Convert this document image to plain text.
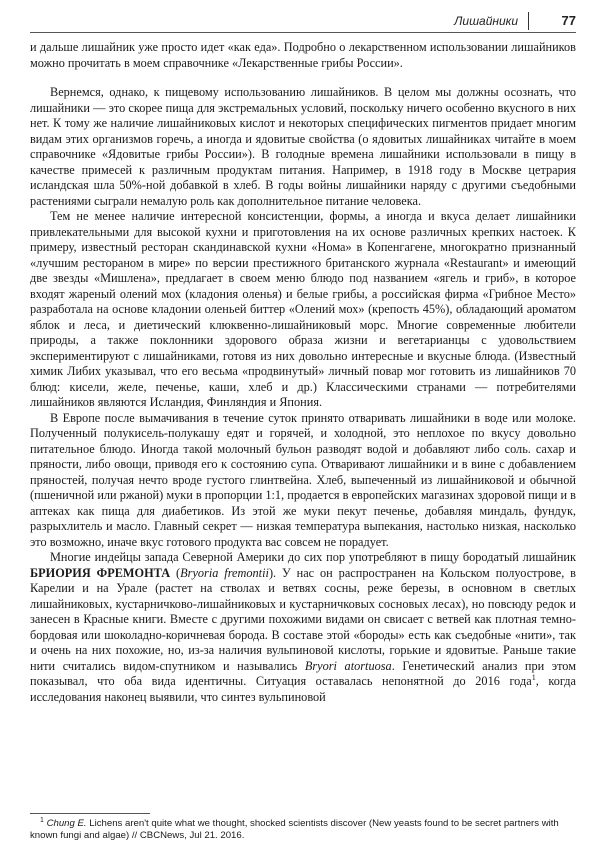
Лишайники	77

и дальше лишайник уже просто идет «как еда». Подробно о лекарственном использовании лишайников можно прочитать в моем справочнике «Лекарственные грибы России».

Вернемся, однако, к пищевому использованию лишайников. В целом мы должны осознать, что лишайники — это скорее пища для экстремальных условий, поскольку ничего особенно вкусного в них нет. К тому же наличие лишайниковых кислот и некоторых специфических пигментов придает многим видам этих организмов горечь, а иногда и ядовитые свойства (о ядовитых лишайниках читайте в моем справочнике «Ядовитые грибы России»). В голодные времена лишайники использовали в пищу в качестве примесей к различным продуктам питания. Например, в 1918 году в Москве цетрария исландская шла 50%-ной добавкой в хлеб. В годы войны лишайники наряду с другими съедобными растениями сыграли немалую роль как дополнительное питание человека.

Тем не менее наличие интересной консистенции, формы, а иногда и вкуса делает лишайники привлекательными для высокой кухни и приготовления на их основе различных крепких настоек. К примеру, известный ресторан скандинавской кухни «Нома» в Копенгагене, многократно признанный «лучшим рестораном в мире» по версии престижного британского журнала «Restaurant» и имеющий две звезды «Мишлена», предлагает в своем меню блюдо под названием «ягель и гриб», в которое входят жареный олений мох (кладония оленья) и белые грибы, а российская фирма «Грибное Место» разработала на основе кладонии оленьей биттер «Олений мох» (крепость 45%), обладающий ароматом яблок и леса, и диетический клюквенно-лишайниковый морс. Многие современные любители природы, а также поклонники здорового образа жизни и вегетарианцы с удовольствием экспериментируют с лишайниками, готовя из них довольно интересные и вкусные блюда. (Известный химик Либих указывал, что его весьма «продвинутый» личный повар мог готовить из лишайников 70 блюд: кисели, желе, печенье, каши, хлеб и др.) Классическими странами — потребителями лишайников являются Исландия, Финляндия и Япония.

В Европе после вымачивания в течение суток принято отваривать лишайники в воде или молоке. Полученный полукисель-полукашу едят и горячей, и холодной, это неплохое по вкусу довольно питательное блюдо. Иногда такой молочный бульон разводят водой и добавляют либо соль. сахар и пряности, либо овощи, приводя его к состоянию супа. Отваривают лишайники и в вине с добавлением пряностей, получая нечто вроде густого глинтвейна. Хлеб, выпеченный из лишайниковой и обычной (пшеничной или ржаной) муки в пропорции 1:1, продается в европейских магазинах здоровой пищи и в аптеках как пища для диабетиков. Из этой же муки пекут печенье, добавляя миндаль, фундук, разрыхлитель и масло. Главный секрет — низкая температура выпекания, настолько низкая, насколько это возможно, иначе вкус готового продукта вас совсем не порадует.

Многие индейцы запада Северной Америки до сих пор употребляют в пищу бородатый лишайник БРИОРИЯ ФРЕМОНТА (Bryoria fremontii). У нас он распространен на Кольском полуострове, в Карелии и на Урале (растет на стволах и ветвях сосны, реже березы, в основном в светлых лишайниковых, кустарничково-лишайниковых и кустарничковых сосновых лесах), но повсюду редок и занесен в Красные книги. Вместе с другими похожими видами он свисает с ветвей как плотная темно-бордовая или шоколадно-коричневая борода. В составе этой «бороды» есть как съедобные «нити», так и очень на них похожие, но, из-за наличия вульпиновой кислоты, горькие и ядовитые. Раньше такие нити считались видом-спутником и назывались Bryori atortuosa. Генетический анализ при этом показывал, что оба вида идентичны. Ситуация оставалась непонятной до 2016 года$^1$, когда исследования наконец выявили, что синтез вульпиновой

$^1$ Chung E. Lichens aren't quite what we thought, shocked scientists discover (New yeasts found to be secret partners with known fungi and algae) // CBCNews, Jul 21. 2016.
